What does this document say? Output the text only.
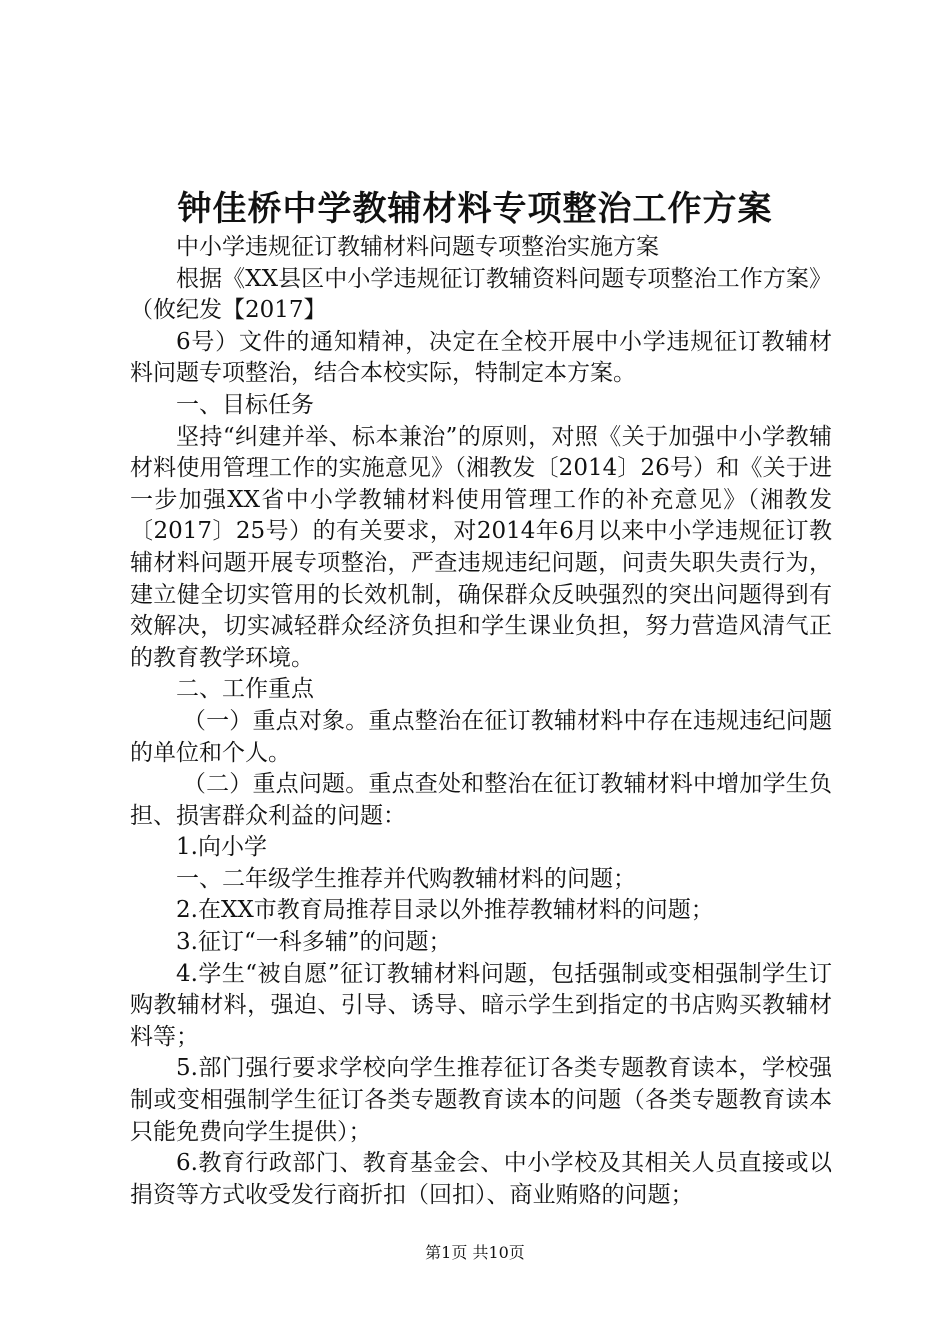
钟佳桥中学教辅材料专项整治工作方案

中小学违规征订教辅材料问题专项整治实施方案

根据《XX县区中小学违规征订教辅资料问题专项整治工作方案》（攸纪发【2017】

6号）文件的通知精神，决定在全校开展中小学违规征订教辅材料问题专项整治，结合本校实际，特制定本方案。

一、目标任务

坚持“纠建并举、标本兼治”的原则，对照《关于加强中小学教辅材料使用管理工作的实施意见》（湘教发〔2014〕26号）和《关于进一步加强XX省中小学教辅材料使用管理工作的补充意见》（湘教发〔2017〕25号）的有关要求，对2014年6月以来中小学违规征订教辅材料问题开展专项整治，严查违规违纪问题，问责失职失责行为，建立健全切实管用的长效机制，确保群众反映强烈的突出问题得到有效解决，切实减轻群众经济负担和学生课业负担，努力营造风清气正的教育教学环境。

二、工作重点

（一）重点对象。重点整治在征订教辅材料中存在违规违纪问题的单位和个人。

（二）重点问题。重点查处和整治在征订教辅材料中增加学生负担、损害群众利益的问题：

1.向小学

一、二年级学生推荐并代购教辅材料的问题；

2.在XX市教育局推荐目录以外推荐教辅材料的问题；

3.征订“一科多辅”的问题；

4.学生“被自愿”征订教辅材料问题，包括强制或变相强制学生订购教辅材料，强迫、引导、诱导、暗示学生到指定的书店购买教辅材料等；

5.部门强行要求学校向学生推荐征订各类专题教育读本，学校强制或变相强制学生征订各类专题教育读本的问题（各类专题教育读本只能免费向学生提供）；

6.教育行政部门、教育基金会、中小学校及其相关人员直接或以捐资等方式收受发行商折扣（回扣）、商业贿赂的问题；

第1页 共10页
